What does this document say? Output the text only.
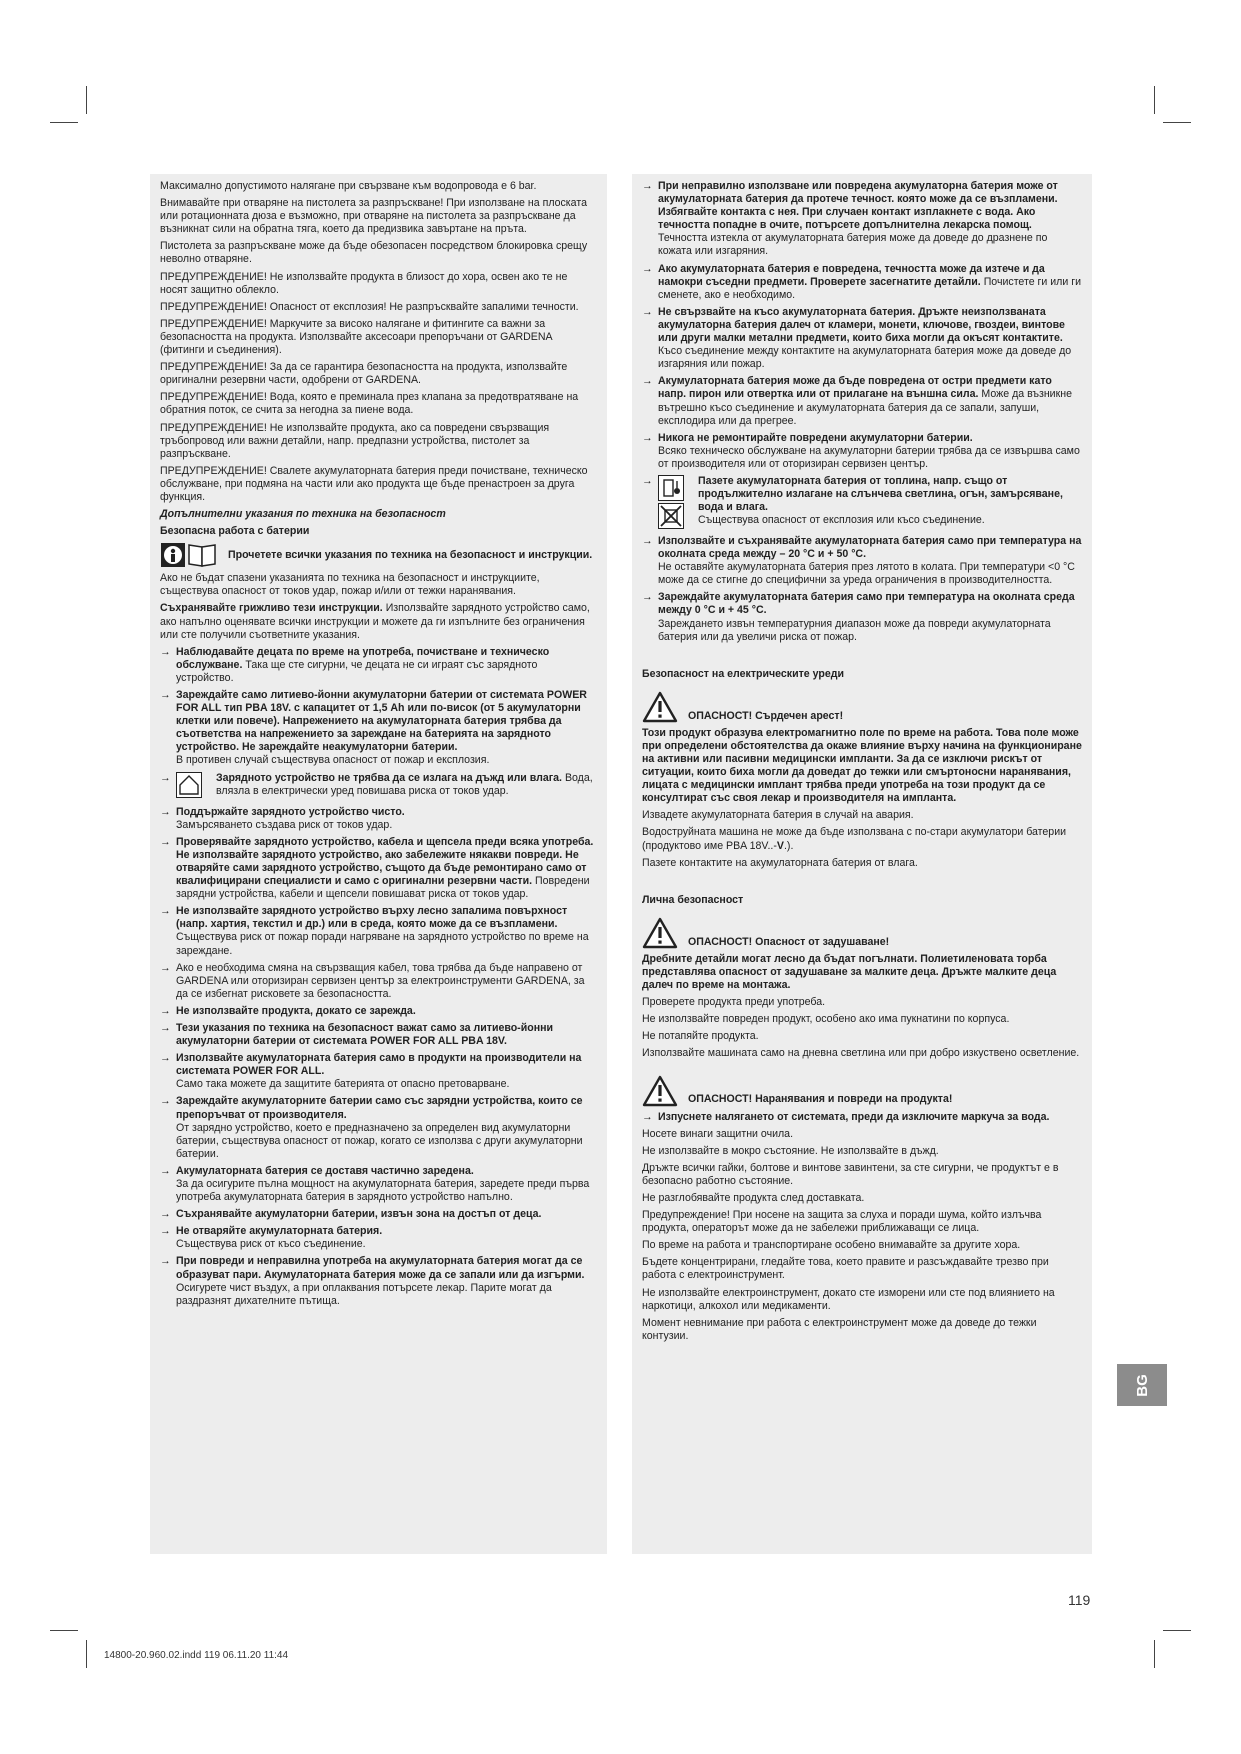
Максимално допустимото налягане при свързване към водопровода е 6 bar.

Внимавайте при отваряне на пистолета за разпръскване! При използване на плоската или ротационната дюза е възможно, при отваряне на пистолета за разпръскване да възникнат сили на обратна тяга, което да предизвика завъртане на пръта.

Пистолета за разпръскване може да бъде обезопасен посредством блокировка срещу неволно отваряне.

ПРЕДУПРЕЖДЕНИЕ! Не използвайте продукта в близост до хора, освен ако те не носят защитно облекло.

ПРЕДУПРЕЖДЕНИЕ! Опасност от експлозия! Не разпръсквайте запалими течности.

ПРЕДУПРЕЖДЕНИЕ! Маркучите за високо налягане и фитингите са важни за безопасността на продукта. Използвайте аксесоари препоръчани от GARDENA (фитинги и съединения).

ПРЕДУПРЕЖДЕНИЕ! За да се гарантира безопасността на продукта, използвайте оригинални резервни части, одобрени от GARDENA.

ПРЕДУПРЕЖДЕНИЕ! Вода, която е преминала през клапана за предотвратяване на обратния поток, се счита за негодна за пиене вода.

ПРЕДУПРЕЖДЕНИЕ! Не използвайте продукта, ако са повредени свързващия тръбопровод или важни детайли, напр. предпазни устройства, пистолет за разпръскване.

ПРЕДУПРЕЖДЕНИЕ! Свалете акумулаторната батерия преди почистване, техническо обслужване, при подмяна на части или ако продукта ще бъде пренастроен за друга функция.

Допълнителни указания по техника на безопасност

Безопасна работа с батерии

Прочетете всички указания по техника на безопасност и инструкции.

Ако не бъдат спазени указанията по техника на безопасност и инструкциите, съществува опасност от токов удар, пожар и/или от тежки наранявания.

Съхранявайте грижливо тези инструкции. Използвайте зарядното устройство само, ако напълно оценявате всички инструкции и можете да ги изпълните без ограничения или сте получили съответните указания.

→ Наблюдавайте децата по време на употреба, почистване и техническо обслужване. Така ще сте сигурни, че децата не си играят със зарядното устройство.
→ Зареждайте само литиево-йонни акумулаторни батерии от системата POWER FOR ALL тип PBA 18V. с капацитет от 1,5 Ah или по-висок (от 5 акумулаторни клетки или повече). Напрежението на акумулаторната батерия трябва да съответства на напрежението за зареждане на батерията на зарядното устройство. Не зареждайте неакумулаторни батерии.
В противен случай съществува опасност от пожар и експлозия.
→	Зарядното устройство не трябва да се излага на дъжд или влага. Вода, влязла в електрически уред повишава риска от токов удар.
→ Поддържайте зарядното устройство чисто.
Замърсяването създава риск от токов удар.
→ Проверявайте зарядното устройство, кабела и щепсела преди всяка употреба. Не използвайте зарядното устройство, ако забележите някакви повреди. Не отваряйте сами зарядното устройство, същото да бъде ремонтирано само от квалифицирани специалисти и само с оригинални резервни части. Повредени зарядни устройства, кабели и щепсели повишават риска от токов удар.
→ Не използвайте зарядното устройство върху лесно запалима повърхност (напр. хартия, текстил и др.) или в среда, която може да се възпламени. Съществува риск от пожар поради нагряване на зарядното устройство по време на зареждане.
→ Ако е необходима смяна на свързващия кабел, това трябва да бъде направено от GARDENA или оторизиран сервизен център за електроинструменти GARDENA, за да се избегнат рисковете за безопасността.
→ Не използвайте продукта, докато се зарежда.
→ Тези указания по техника на безопасност важат само за литиево-йонни акумулаторни батерии от системата POWER FOR ALL PBA 18V.
→ Използвайте акумулаторната батерия само в продукти на производители на системата POWER FOR ALL.
Само така можете да защитите батерията от опасно претоварване.
→ Зареждайте акумулаторните батерии само със зарядни устройства, които се препоръчват от производителя.
От зарядно устройство, което е предназначено за определен вид акумулаторни батерии, съществува опасност от пожар, когато се използва с други акумулаторни батерии.
→ Акумулаторната батерия се доставя частично заредена.
За да осигурите пълна мощност на акумулаторната батерия, заредете преди първа употреба акумулаторната батерия в зарядното устройство напълно.
→ Съхранявайте акумулаторни батерии, извън зона на достъп от деца.
→ Не отваряйте акумулаторната батерия.
Съществува риск от късо съединение.
→ При повреди и неправилна употреба на акумулаторната батерия могат да се образуват пари. Акумулаторната батерия може да се запали или да изгърми. Осигурете чист въздух, а при оплаквания потърсете лекар. Парите могат да раздразнят дихателните пътища.
→ При неправилно използване или повредена акумулаторна батерия може от акумулаторната батерия да протече течност. която може да се възпламени. Избягвайте контакта с нея. При случаен контакт изплакнете с вода. Ако течността попадне в очите, потърсете допълнителна лекарска помощ.
Течността изтекла от акумулаторната батерия може да доведе до дразнене по кожата или изгаряния.
→ Ако акумулаторната батерия е повредена, течността може да изтече и да намокри съседни предмети. Проверете засегнатите детайли. Почистете ги или ги сменете, ако е необходимо.
→ Не свързвайте на късо акумулаторната батерия. Дръжте неизползваната акумулаторна батерия далеч от кламери, монети, ключове, гвоздеи, винтове или други малки метални предмети, които биха могли да окъсят контактите.
Късо съединение между контактите на акумулаторната батерия може да доведе до изгаряния или пожар.
→ Акумулаторната батерия може да бъде повредена от остри предмети като напр. пирон или отвертка или от прилагане на външна сила. Може да възникне вътрешно късо съединение и акумулаторната батерия да се запали, запуши, експлодира или да прегрее.
→ Никога не ремонтирайте повредени акумулаторни батерии.
Всяко техническо обслужване на акумулаторни батерии трябва да се извършва само от производителя или от оторизиран сервизен център.
→	Пазете акумулаторната батерия от топлина, напр. също от продължително излагане на слънчева светлина, огън, замърсяване, вода и влага.
Съществува опасност от експлозия или късо съединение.
→ Използвайте и съхранявайте акумулаторната батерия само при температура на околната среда между – 20 °C и + 50 °C.
Не оставяйте акумулаторната батерия през лятото в колата. При температури <0 °C може да се стигне до специфични за уреда ограничения в производителността.
→ Зареждайте акумулаторната батерия само при температура на околната среда между 0 °C и + 45 °C.
Зареждането извън температурния диапазон може да повреди акумулаторната батерия или да увеличи риска от пожар.

Безопасност на електрическите уреди

ОПАСНОСТ! Сърдечен арест!

Този продукт образува електромагнитно поле по време на работа. Това поле може при определени обстоятелства да окаже влияние върху начина на функциониране на активни или пасивни медицински импланти. За да се изключи рискът от ситуации, които биха могли да доведат до тежки или смъртоносни наранявания, лицата с медицински имплант трябва преди употреба на този продукт да се консултират със своя лекар и производителя на импланта.

Извадете акумулаторната батерия в случай на авария.

Водоструйната машина не може да бъде използвана с по-стари акумулатори батерии (продуктово име PBA 18V..-V.).

Пазете контактите на акумулаторната батерия от влага.

Лична безопасност

ОПАСНОСТ! Опасност от задушаване!

Дребните детайли могат лесно да бъдат погълнати. Полиетиленовата торба представлява опасност от задушаване за малките деца. Дръжте малките деца далеч по време на монтажа.

Проверете продукта преди употреба.

Не използвайте повреден продукт, особено ако има пукнатини по корпуса.

Не потапяйте продукта.

Използвайте машината само на дневна светлина или при добро изкуствено осветление.

ОПАСНОСТ! Наранявания и повреди на продукта!
→ Изпуснете налягането от системата, преди да изключите маркуча за вода.

Носете винаги защитни очила.

Не използвайте в мокро състояние. Не използвайте в дъжд.

Дръжте всички гайки, болтове и винтове завинтени, за сте сигурни, че продуктът е в безопасно работно състояние.

Не разглобявайте продукта след доставката.

Предупреждение! При носене на защита за слуха и поради шума, който излъчва продукта, операторът може да не забележи приближаващи се лица.

По време на работа и транспортиране особено внимавайте за другите хора.

Бъдете концентрирани, гледайте това, което правите и разсъждавайте трезво при работа с електроинструмент.

Не използвайте електроинструмент, докато сте изморени или сте под влиянието на наркотици, алкохол или медикаменти.

Момент невнимание при работа с електроинструмент може да доведе до тежки контузии.

BG
119
14800-20.960.02.indd 119 06.11.20 11:44
